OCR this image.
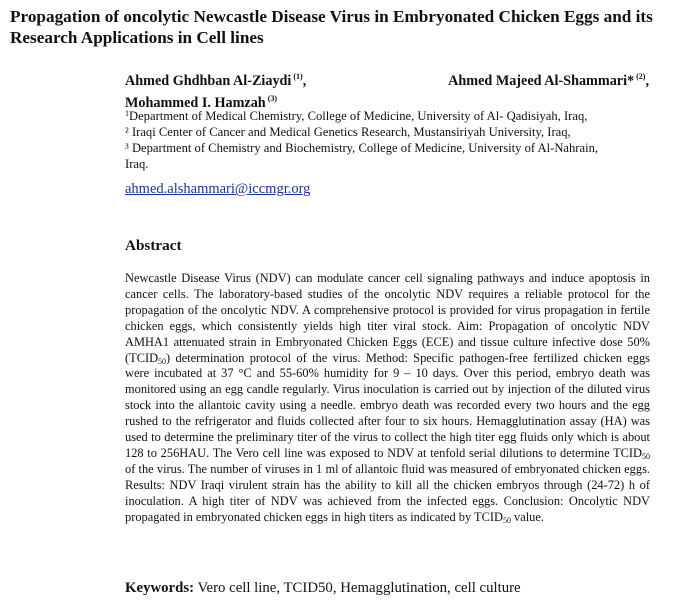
Propagation of oncolytic Newcastle Disease Virus in Embryonated Chicken Eggs and its Research Applications in Cell lines
Ahmed Ghdhban Al-Ziaydi $^{(1)}$,	Ahmed Majeed Al-Shammari* $^{(2)}$,
Mohammed I. Hamzah $^{(3)}$
$^1$Department of Medical Chemistry, College of Medicine, University of Al- Qadisiyah, Iraq,
² Iraqi Center of Cancer and Medical Genetics Research, Mustansiriyah University, Iraq,
³ Department of Chemistry and Biochemistry, College of Medicine, University of Al-Nahrain,
Iraq.
ahmed.alshammari@iccmgr.org
Abstract

Newcastle Disease Virus (NDV) can modulate cancer cell signaling pathways and induce apoptosis in cancer cells. The laboratory-based studies of the oncolytic NDV requires a reliable protocol for the propagation of the oncolytic NDV. A comprehensive protocol is provided for virus propagation in fertile chicken eggs, which consistently yields high titer viral stock. Aim: Propagation of oncolytic NDV AMHA1 attenuated strain in Embryonated Chicken Eggs (ECE) and tissue culture infective dose 50% $(TCID_{50})$ determination protocol of the virus. Method: Specific pathogen-free fertilized chicken eggs were incubated at 37 °C and 55-60% humidity for 9 – 10 days. Over this period, embryo death was monitored using an egg candle regularly. Virus inoculation is carried out by injection of the diluted virus stock into the allantoic cavity using a needle. embryo death was recorded every two hours and the egg rushed to the refrigerator and fluids collected after four to six hours. Hemagglutination assay (HA) was used to determine the preliminary titer of the virus to collect the high titer egg fluids only which is about 128 to 256HAU. The Vero cell line was exposed to NDV at tenfold serial dilutions to determine $TCID_{50}$ of the virus. The number of viruses in 1 ml of allantoic fluid was measured of embryonated chicken eggs. Results: NDV Iraqi virulent strain has the ability to kill all the chicken embryos through (24-72) h of inoculation. A high titer of NDV was achieved from the infected eggs. Conclusion: Oncolytic NDV propagated in embryonated chicken eggs in high titers as indicated by $TCID_{50}$ value.

Keywords: Vero cell line, TCID50, Hemagglutination, cell culture
